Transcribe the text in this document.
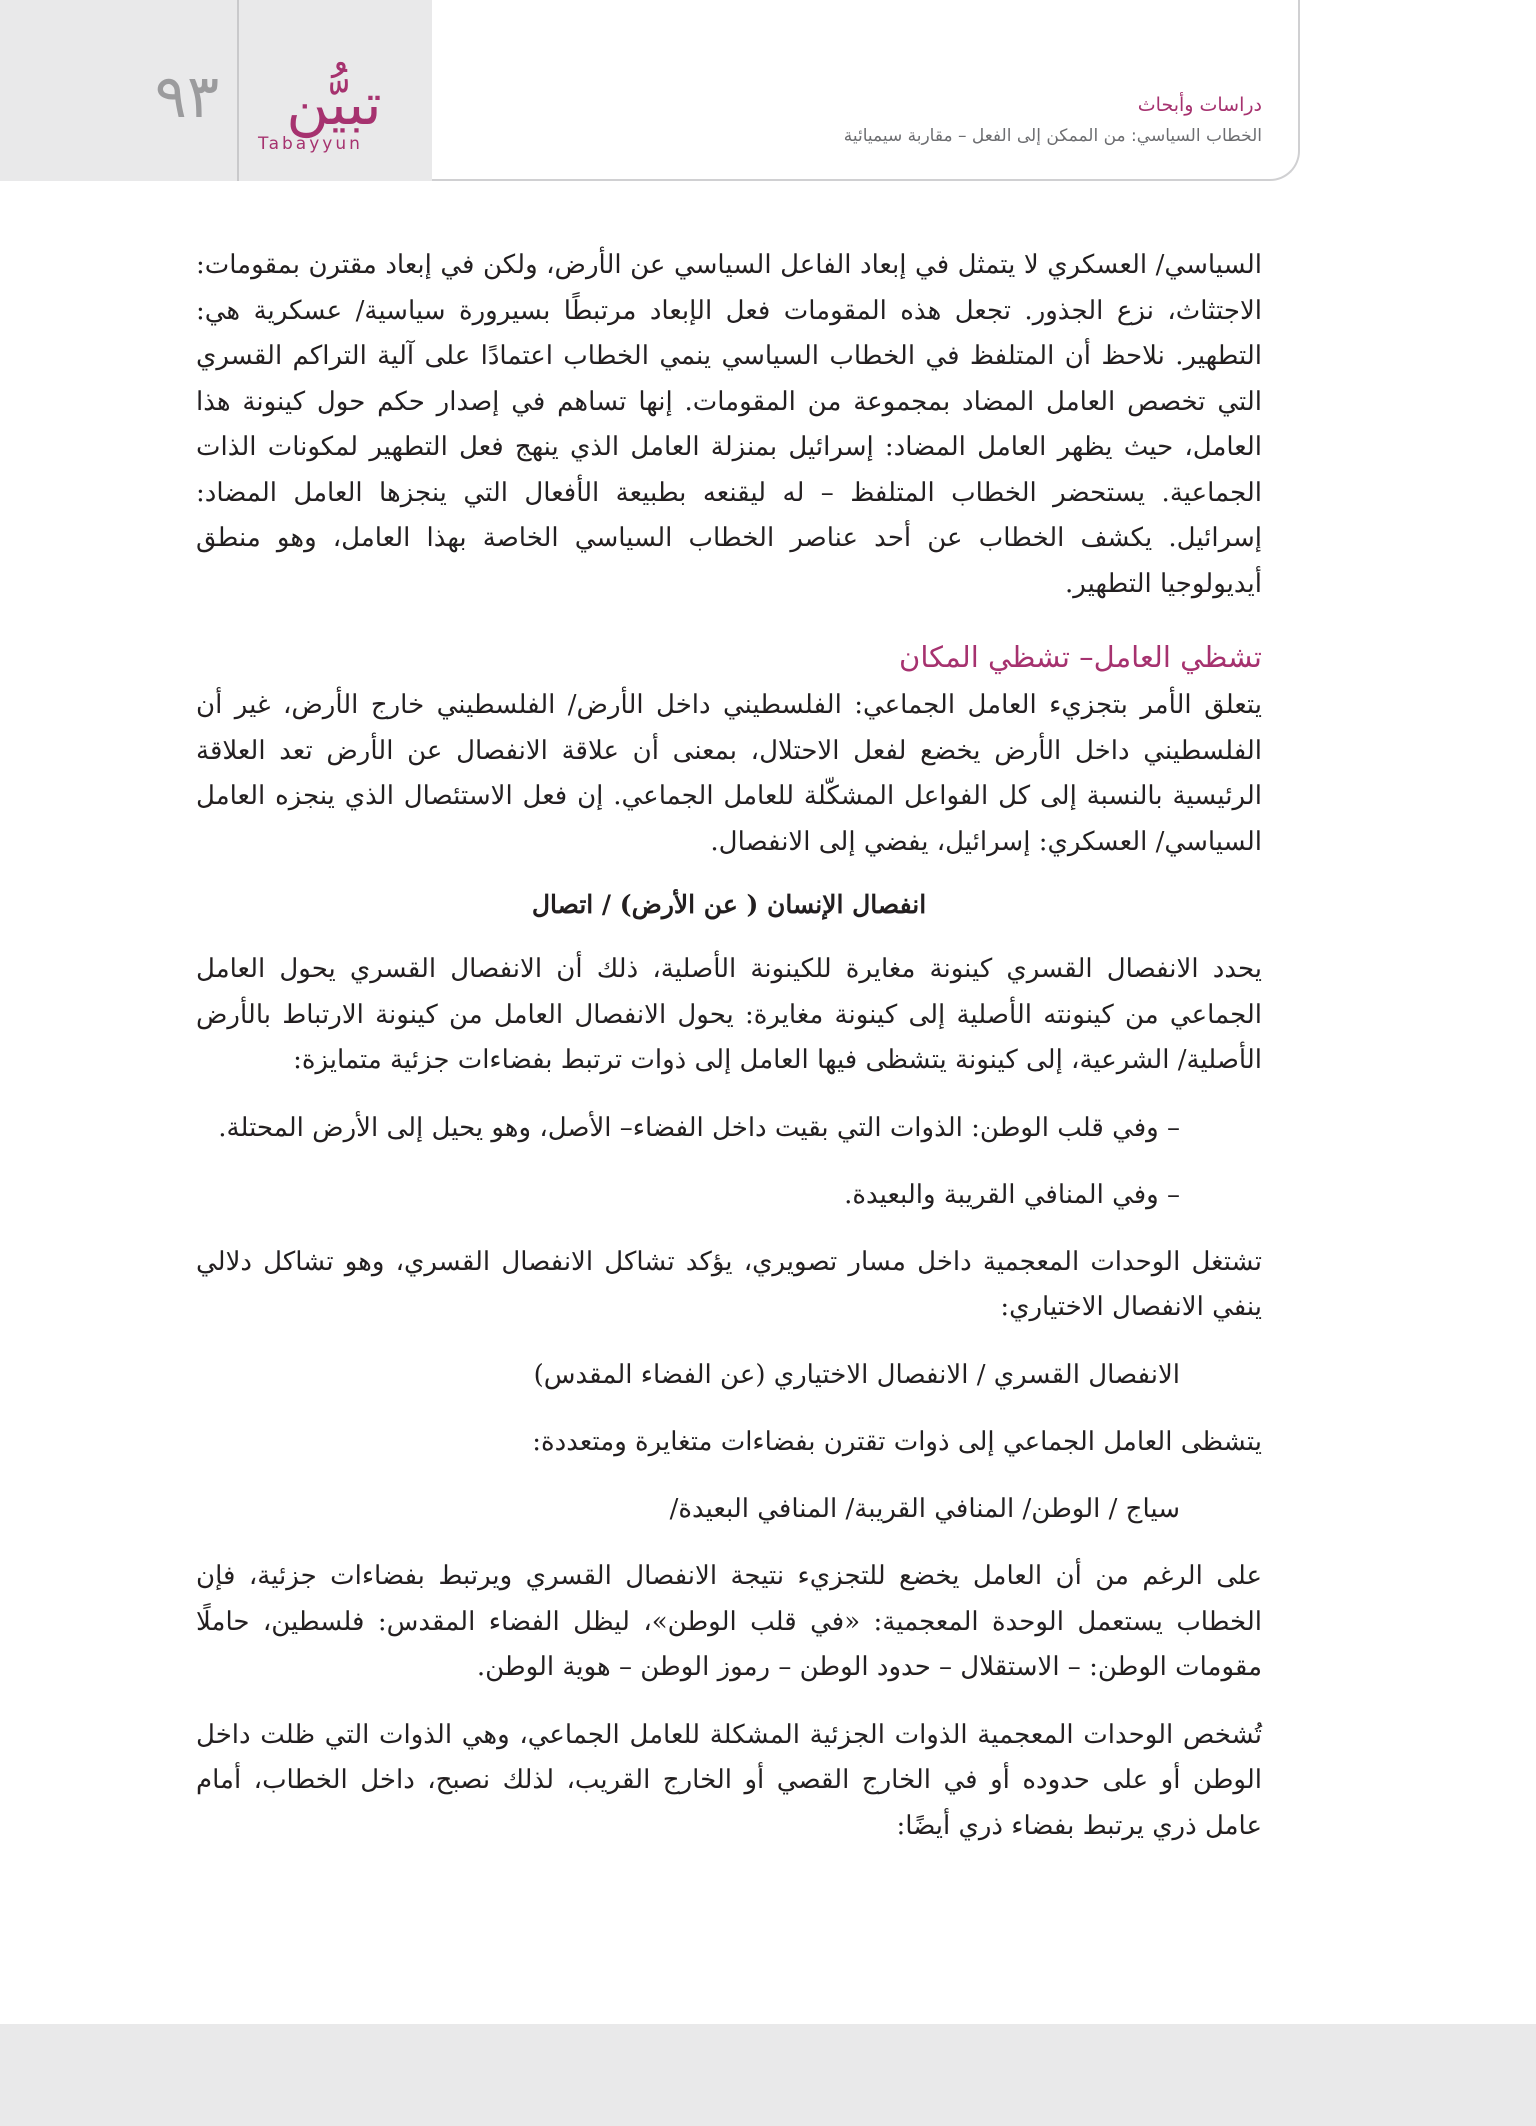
٩٣	تبيُّن
Tabayyun
دراسات وأبحاث
الخطاب السياسي: من الممكن إلى الفعل – مقاربة سيميائية

السياسي/ العسكري لا يتمثل في إبعاد الفاعل السياسي عن الأرض، ولكن في إبعاد مقترن بمقومات: الاجتثاث، نزع الجذور. تجعل هذه المقومات فعل الإبعاد مرتبطًا بسيرورة سياسية/ عسكرية هي: التطهير. نلاحظ أن المتلفظ في الخطاب السياسي ينمي الخطاب اعتمادًا على آلية التراكم القسري التي تخصص العامل المضاد بمجموعة من المقومات. إنها تساهم في إصدار حكم حول كينونة هذا العامل، حيث يظهر العامل المضاد: إسرائيل بمنزلة العامل الذي ينهج فعل التطهير لمكونات الذات الجماعية. يستحضر الخطاب المتلفظ – له ليقنعه بطبيعة الأفعال التي ينجزها العامل المضاد: إسرائيل. يكشف الخطاب عن أحد عناصر الخطاب السياسي الخاصة بهذا العامل، وهو منطق أيديولوجيا التطهير.

تشظي العامل– تشظي المكان

يتعلق الأمر بتجزيء العامل الجماعي: الفلسطيني داخل الأرض/ الفلسطيني خارج الأرض، غير أن الفلسطيني داخل الأرض يخضع لفعل الاحتلال، بمعنى أن علاقة الانفصال عن الأرض تعد العلاقة الرئيسية بالنسبة إلى كل الفواعل المشكّلة للعامل الجماعي. إن فعل الاستئصال الذي ينجزه العامل السياسي/ العسكري: إسرائيل، يفضي إلى الانفصال.

انفصال الإنسان ( عن الأرض) / اتصال

يحدد الانفصال القسري كينونة مغايرة للكينونة الأصلية، ذلك أن الانفصال القسري يحول العامل الجماعي من كينونته الأصلية إلى كينونة مغايرة: يحول الانفصال العامل من كينونة الارتباط بالأرض الأصلية/ الشرعية، إلى كينونة يتشظى فيها العامل إلى ذوات ترتبط بفضاءات جزئية متمايزة:

– وفي قلب الوطن: الذوات التي بقيت داخل الفضاء– الأصل، وهو يحيل إلى الأرض المحتلة.

– وفي المنافي القريبة والبعيدة.

تشتغل الوحدات المعجمية داخل مسار تصويري، يؤكد تشاكل الانفصال القسري، وهو تشاكل دلالي ينفي الانفصال الاختياري:

الانفصال القسري / الانفصال الاختياري (عن الفضاء المقدس)

يتشظى العامل الجماعي إلى ذوات تقترن بفضاءات متغايرة ومتعددة:

سياج / الوطن/ المنافي القريبة/ المنافي البعيدة/

على الرغم من أن العامل يخضع للتجزيء نتيجة الانفصال القسري ويرتبط بفضاءات جزئية، فإن الخطاب يستعمل الوحدة المعجمية: «في قلب الوطن»، ليظل الفضاء المقدس: فلسطين، حاملًا مقومات الوطن: – الاستقلال – حدود الوطن – رموز الوطن – هوية الوطن.

تُشخص الوحدات المعجمية الذوات الجزئية المشكلة للعامل الجماعي، وهي الذوات التي ظلت داخل الوطن أو على حدوده أو في الخارج القصي أو الخارج القريب، لذلك نصبح، داخل الخطاب، أمام عامل ذري يرتبط بفضاء ذري أيضًا:
